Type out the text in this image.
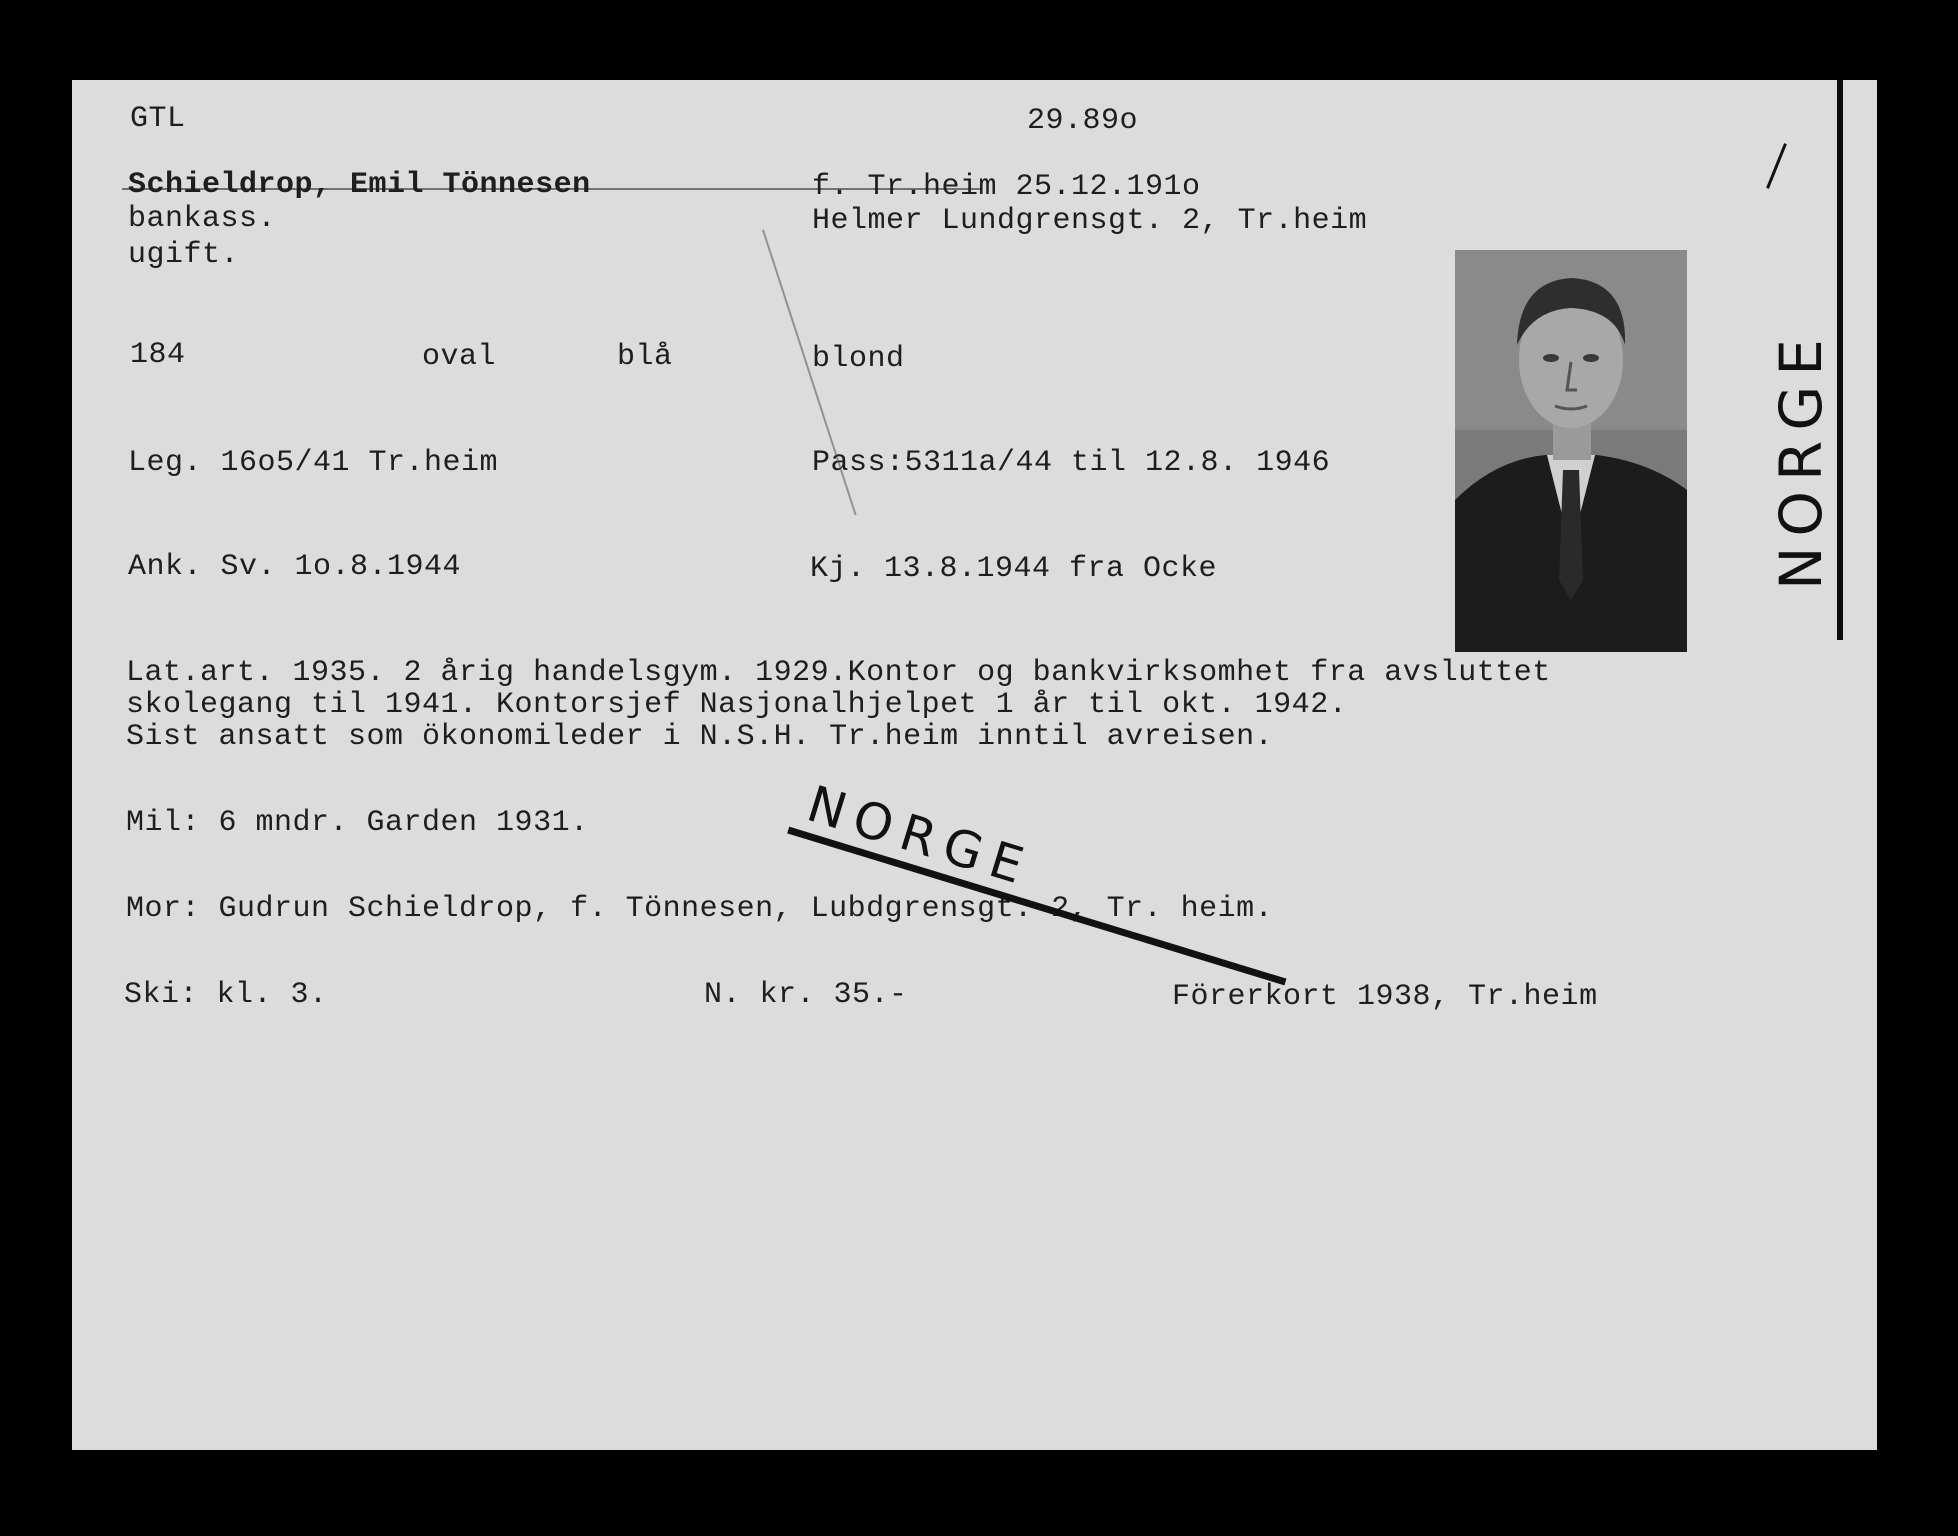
GTL	29.89o
Schieldrop, Emil Tönnesen
bankass.
ugift.
f. Tr.heim 25.12.191o
Helmer Lundgrensgt. 2, Tr.heim
184	oval	blå	blond
Leg. 16o5/41 Tr.heim	Pass:5311a/44 til 12.8. 1946
Ank. Sv. 1o.8.1944	Kj. 13.8.1944 fra Ocke
Lat.art. 1935. 2 årig handelsgym. 1929.Kontor og bankvirksomhet fra avsluttet
skolegang til 1941. Kontorsjef Nasjonalhjelpet 1 år til okt. 1942.
Sist ansatt som ökonomileder i N.S.H. Tr.heim inntil avreisen.
Mil: 6 mndr. Garden 1931.
Mor: Gudrun Schieldrop, f. Tönnesen, Lubdgrensgt. 2, Tr. heim.
Ski: kl. 3.	N. kr. 35.-	Förerkort 1938, Tr.heim
NORGE
NORGE
